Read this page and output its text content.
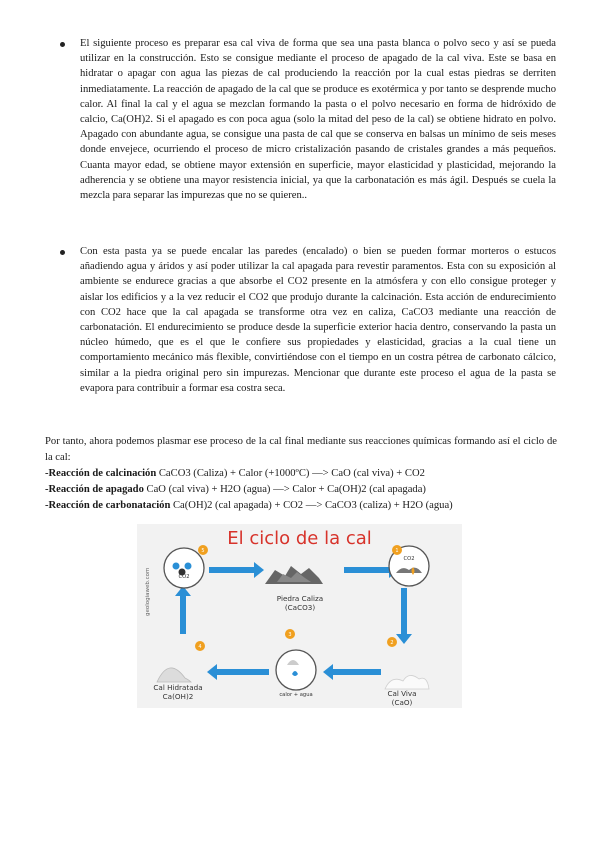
El siguiente proceso es preparar esa cal viva de forma que sea una pasta blanca o polvo seco y así se pueda utilizar en la construcción. Esto se consigue mediante el proceso de apagado de la cal viva. Este se basa en hidratar o apagar con agua las piezas de cal produciendo la reacción por la cual estas piedras se derriten inmediatamente. La reacción de apagado de la cal que se produce es exotérmica y por tanto se desprende mucho calor. Al final la cal y el agua se mezclan formando la pasta o el polvo necesario en forma de hidróxido de calcio, Ca(OH)2. Si el apagado es con poca agua (solo la mitad del peso de la cal) se obtiene hidrato en polvo. Apagado con abundante agua, se consigue una pasta de cal que se conserva en balsas un mínimo de seis meses donde envejece, ocurriendo el proceso de micro cristalización pasando de cristales grandes a más pequeños. Cuanta mayor edad, se obtiene mayor extensión en superficie, mayor elasticidad y plasticidad, mejorando la adherencia y se obtiene una mayor resistencia inicial, ya que la carbonatación es más ágil. Después se cuela la mezcla para separar las impurezas que no se quieren..
Con esta pasta ya se puede encalar las paredes (encalado) o bien se pueden formar morteros o estucos añadiendo agua y áridos y así poder utilizar la cal apagada para revestir paramentos. Esta con su exposición al ambiente se endurece gracias a que absorbe el CO2 presente en la atmósfera y con ello consigue proteger y aislar los edificios y a la vez reducir el CO2 que produjo durante la calcinación. Esta acción de endurecimiento con CO2 hace que la cal apagada se transforme otra vez en caliza, CaCO3 mediante una reacción de carbonatación. El endurecimiento se produce desde la superficie exterior hacia dentro, conservando la pasta un núcleo húmedo, que es el que le confiere sus propiedades y elasticidad, gracias a la cual tiene un comportamiento mecánico más flexible, convirtiéndose con el tiempo en un costra pétrea de carbonato cálcico, similar a la piedra original pero sin impurezas. Mencionar que durante este proceso el agua de la pasta se evapora para contribuir a formar esa costra seca.
Por tanto, ahora podemos plasmar ese proceso de la cal final mediante sus reacciones químicas formando así el ciclo de la cal:
-Reacción de calcinación CaCO3 (Caliza) + Calor (+1000ºC) —> CaO (cal viva) + CO2
-Reacción de apagado CaO (cal viva) + H2O (agua) —> Calor + Ca(OH)2 (cal apagada)
-Reacción de carbonatación Ca(OH)2 (cal apagada) + CO2 —> CaCO3 (caliza) + H2O (agua)
El ciclo de la cal
5	1
2
3
4
CO2
CO2
Piedra Caliza
(CaCO3)
Cal Viva
(CaO)
Cal Hidratada
Ca(OH)2	calor + agua
geologiaweb.com
